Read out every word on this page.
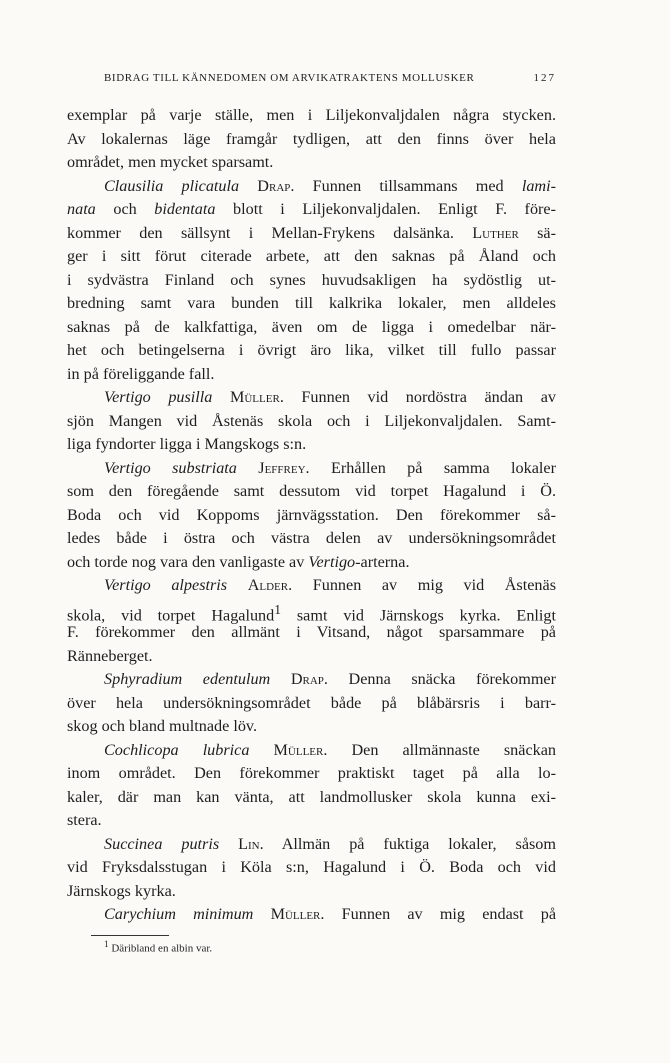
BIDRAG TILL KÄNNEDOMEN OM ARVIKATRAKTENS MOLLUSKER	127
exemplar på varje ställe, men i Liljekonvaljdalen några stycken.
Av lokalernas läge framgår tydligen, att den finns över hela
området, men mycket sparsamt.
Clausilia plicatula Drap. Funnen tillsammans med lami-
nata och bidentata blott i Liljekonvaljdalen. Enligt F. före-
kommer den sällsynt i Mellan-Frykens dalsänka. Luther sä-
ger i sitt förut citerade arbete, att den saknas på Åland och
i sydvästra Finland och synes huvudsakligen ha sydöstlig ut-
bredning samt vara bunden till kalkrika lokaler, men alldeles
saknas på de kalkfattiga, även om de ligga i omedelbar när-
het och betingelserna i övrigt äro lika, vilket till fullo passar
in på föreliggande fall.
Vertigo pusilla Müller. Funnen vid nordöstra ändan av
sjön Mangen vid Åstenäs skola och i Liljekonvaljdalen. Samt-
liga fyndorter ligga i Mangskogs s:n.
Vertigo substriata Jeffrey. Erhållen på samma lokaler
som den föregående samt dessutom vid torpet Hagalund i Ö.
Boda och vid Koppoms järnvägsstation. Den förekommer så-
ledes både i östra och västra delen av undersökningsområdet
och torde nog vara den vanligaste av Vertigo-arterna.
Vertigo alpestris Alder. Funnen av mig vid Åstenäs
skola, vid torpet Hagalund$^1$ samt vid Järnskogs kyrka. Enligt
F. förekommer den allmänt i Vitsand, något sparsammare på
Ränneberget.
Sphyradium edentulum Drap. Denna snäcka förekommer
över hela undersökningsområdet både på blåbärsris i barr-
skog och bland multnade löv.
Cochlicopa lubrica Müller. Den allmännaste snäckan
inom området. Den förekommer praktiskt taget på alla lo-
kaler, där man kan vänta, att landmollusker skola kunna exi-
stera.
Succinea putris Lin. Allmän på fuktiga lokaler, såsom
vid Fryksdalsstugan i Köla s:n, Hagalund i Ö. Boda och vid
Järnskogs kyrka.
Carychium minimum Müller. Funnen av mig endast på
$^1$ Däribland en albin var.
